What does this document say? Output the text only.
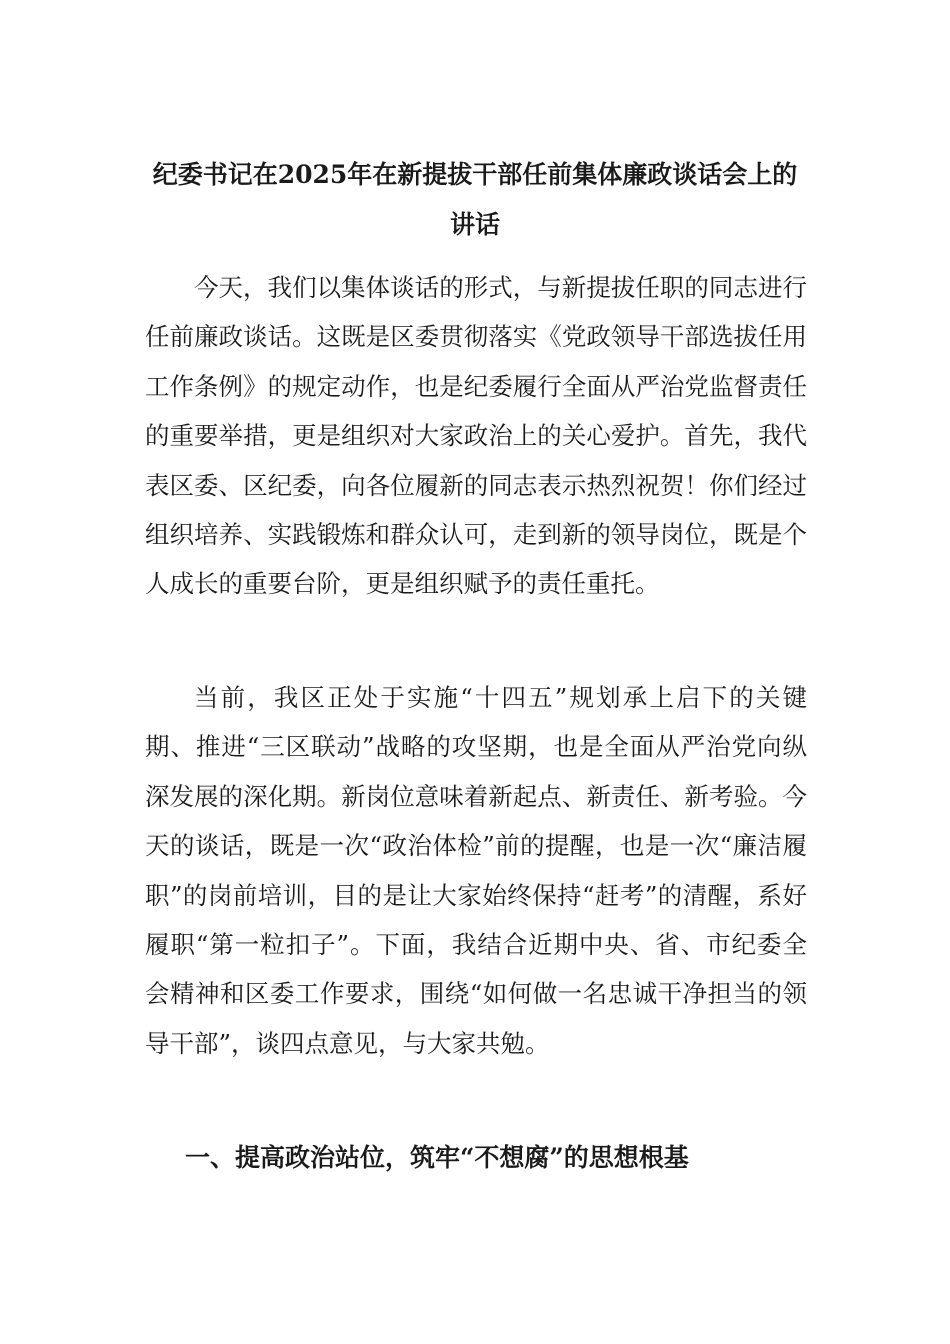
纪委书记在2025年在新提拔干部任前集体廉政谈话会上的
讲话

今天，我们以集体谈话的形式，与新提拔任职的同志进行任前廉政谈话。这既是区委贯彻落实《党政领导干部选拔任用工作条例》的规定动作，也是纪委履行全面从严治党监督责任的重要举措，更是组织对大家政治上的关心爱护。首先，我代表区委、区纪委，向各位履新的同志表示热烈祝贺！你们经过组织培养、实践锻炼和群众认可，走到新的领导岗位，既是个人成长的重要台阶，更是组织赋予的责任重托。

当前，我区正处于实施“十四五”规划承上启下的关键期、推进“三区联动”战略的攻坚期，也是全面从严治党向纵深发展的深化期。新岗位意味着新起点、新责任、新考验。今天的谈话，既是一次“政治体检”前的提醒，也是一次“廉洁履职”的岗前培训，目的是让大家始终保持“赶考”的清醒，系好履职“第一粒扣子”。下面，我结合近期中央、省、市纪委全会精神和区委工作要求，围绕“如何做一名忠诚干净担当的领导干部”，谈四点意见，与大家共勉。

一、提高政治站位，筑牢“不想腐”的思想根基
